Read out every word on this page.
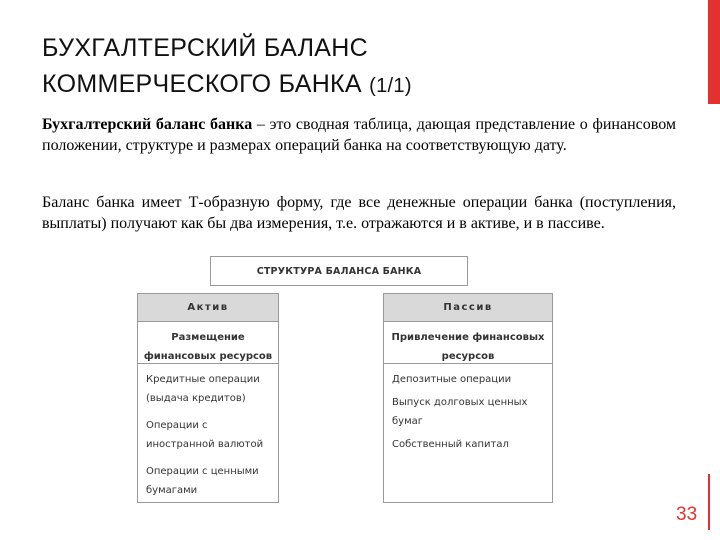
БУХГАЛТЕРСКИЙ БАЛАНС
КОММЕРЧЕСКОГО БАНКА (1/1)

Бухгалтерский баланс банка – это сводная таблица, дающая представление о финансовом положении, структуре и размерах операций банка на соответствующую дату.

Баланс банка имеет Т-образную форму, где все денежные операции банка (поступления, выплаты) получают как бы два измерения, т.е. отражаются и в активе, и в пассиве.

СТРУКТУРА БАЛАНСА БАНКА
Актив
Размещение финансовых ресурсов
Кредитные операции (выдача кредитов)
Операции с иностранной валютой
Операции с ценными бумагами
Пассив
Привлечение финансовых ресурсов
Депозитные операции
Выпуск долговых ценных бумаг
Собственный капитал
33
